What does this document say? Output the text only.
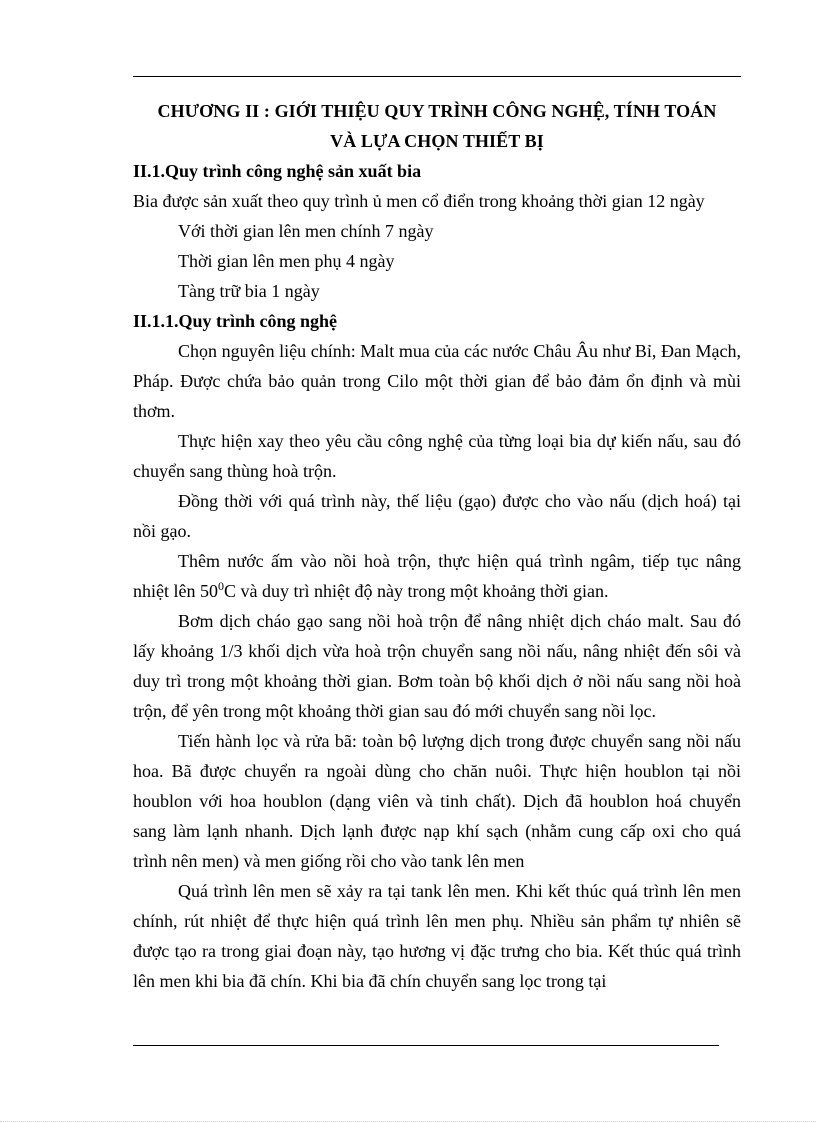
CHƯƠNG II : GIỚI THIỆU QUY TRÌNH CÔNG NGHỆ, TÍNH TOÁN
VÀ LỰA CHỌN THIẾT BỊ

II.1.Quy trình công nghệ sản xuất bia

Bia được sản xuất theo quy trình ủ men cổ điển trong khoảng thời gian 12 ngày

Với thời gian lên men chính 7 ngày

Thời gian lên men phụ 4 ngày

Tàng trữ bia 1 ngày

II.1.1.Quy trình công nghệ

Chọn nguyên liệu chính: Malt mua của các nước Châu Âu như Bỉ, Đan Mạch, Pháp. Được chứa bảo quản trong Cilo một thời gian để bảo đảm ổn định và mùi thơm.

Thực hiện xay theo yêu cầu công nghệ của từng loại bia dự kiến nấu, sau đó chuyển sang thùng hoà trộn.

Đồng thời với quá trình này, thế liệu (gạo) được cho vào nấu (dịch hoá) tại nồi gạo.

Thêm nước ấm vào nồi hoà trộn, thực hiện quá trình ngâm, tiếp tục nâng nhiệt lên $50^0C$ và duy trì nhiệt độ này trong một khoảng thời gian.

Bơm dịch cháo gạo sang nồi hoà trộn để nâng nhiệt dịch cháo malt. Sau đó lấy khoảng 1/3 khối dịch vừa hoà trộn chuyển sang nồi nấu, nâng nhiệt đến sôi và duy trì trong một khoảng thời gian. Bơm toàn bộ khối dịch ở nồi nấu sang nồi hoà trộn, để yên trong một khoảng thời gian sau đó mới chuyển sang nồi lọc.

Tiến hành lọc và rửa bã: toàn bộ lượng dịch trong được chuyển sang nồi nấu hoa. Bã được chuyển ra ngoài dùng cho chăn nuôi. Thực hiện houblon tại nồi houblon với hoa houblon (dạng viên và tinh chất). Dịch đã houblon hoá chuyển sang làm lạnh nhanh. Dịch lạnh được nạp khí sạch (nhằm cung cấp oxi cho quá trình nên men) và men giống rồi cho vào tank lên men

Quá trình lên men sẽ xảy ra tại tank lên men. Khi kết thúc quá trình lên men chính, rút nhiệt để thực hiện quá trình lên men phụ. Nhiều sản phẩm tự nhiên sẽ được tạo ra trong giai đoạn này, tạo hương vị đặc trưng cho bia. Kết thúc quá trình lên men khi bia đã chín. Khi bia đã chín chuyển sang lọc trong tại
